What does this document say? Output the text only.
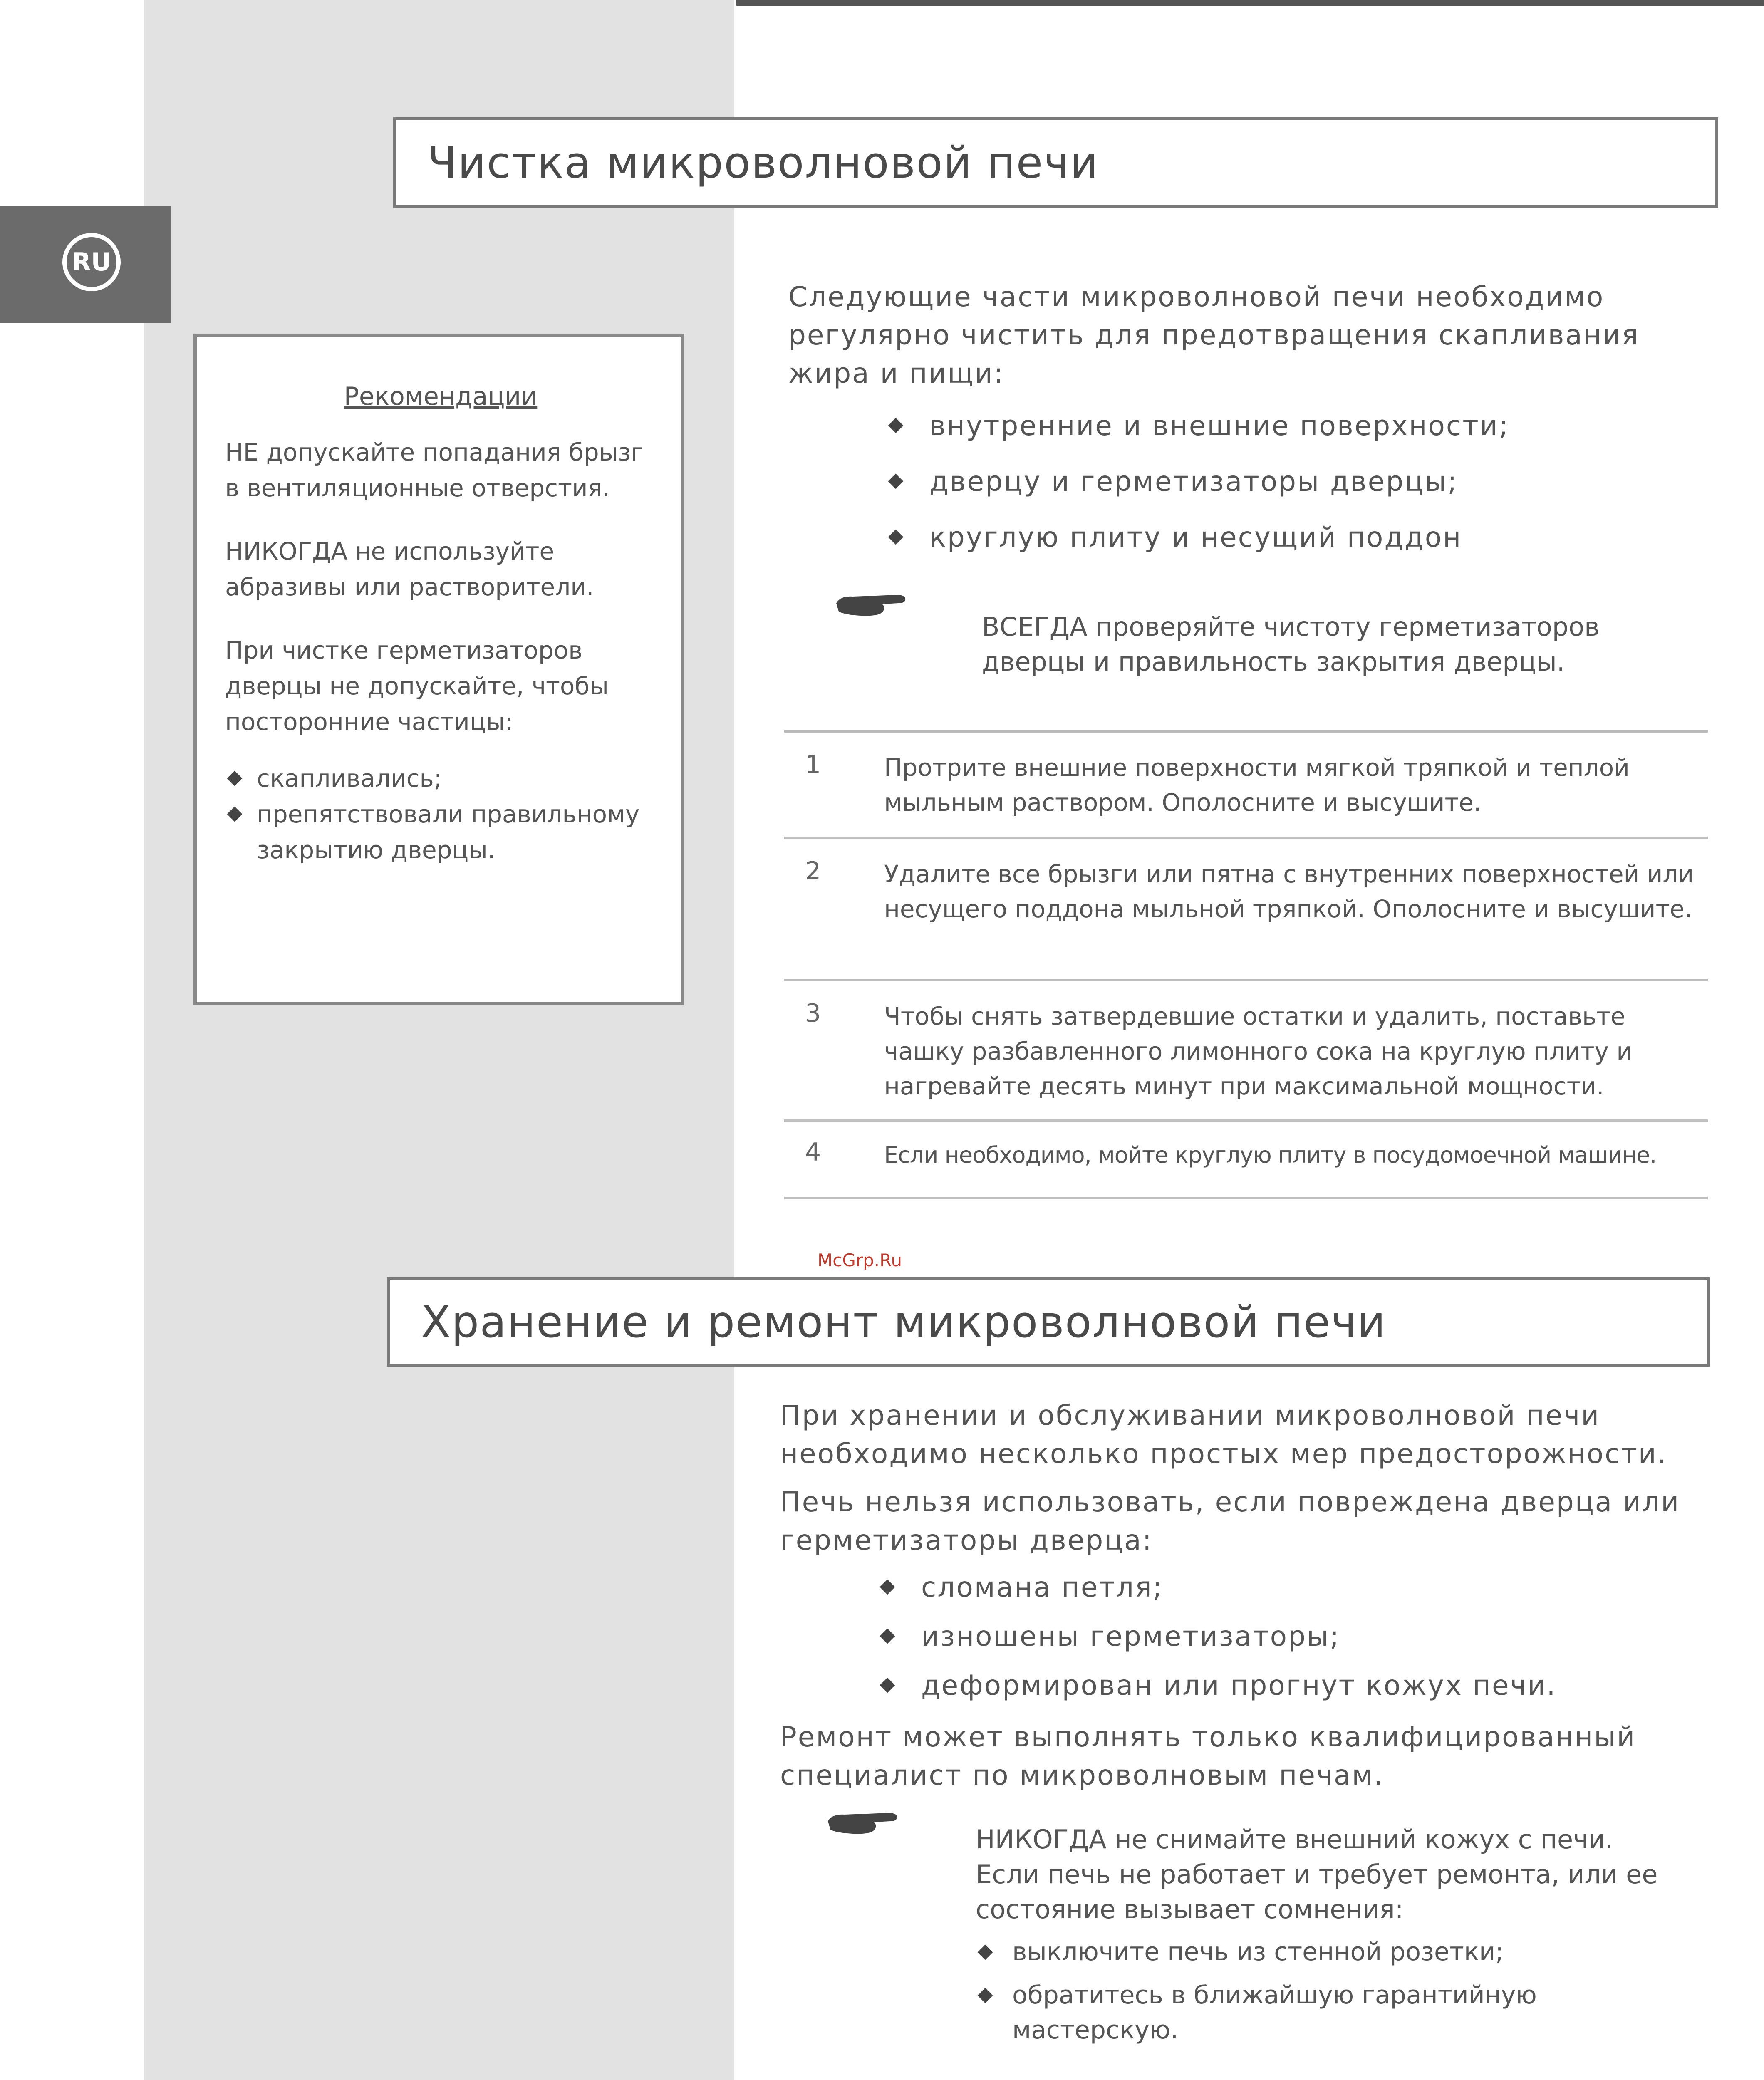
RU
Чистка микроволновой печи
Рекомендации

НЕ допускайте попадания брызг в вентиляционные отверстия.

НИКОГДА не используйте абразивы или растворители.

При чистке герметизаторов дверцы не допускайте, чтобы посторонние частицы:

скапливались;
препятствовали правильному закрытию дверцы.
Следующие части микроволновой печи необходимо регулярно чистить для предотвращения скапливания жира и пищи:
внутренние и внешние поверхности;
дверцу и герметизаторы дверцы;
круглую плиту и несущий поддон
ВСЕГДА проверяйте чистоту герметизаторов дверцы и правильность закрытия дверцы.
1	Протрите внешние поверхности мягкой тряпкой и теплой мыльным раствором. Ополосните и высушите.
2	Удалите все брызги или пятна с внутренних поверхностей или несущего поддона мыльной тряпкой. Ополосните и высушите.
3	Чтобы снять затвердевшие остатки и удалить, поставьте чашку разбавленного лимонного сока на круглую плиту и нагревайте десять минут при максимальной мощности.
4	Если необходимо, мойте круглую плиту в посудомоечной машине.
McGrp.Ru
Хранение и ремонт микроволновой печи
При хранении и обслуживании микроволновой печи необходимо несколько простых мер предосторожности.
Печь нельзя использовать, если повреждена дверца или герметизаторы дверца:
сломана петля;
изношены герметизаторы;
деформирован или прогнут кожух печи.
Ремонт может выполнять только квалифицированный специалист по микроволновым печам.
НИКОГДА не снимайте внешний кожух с печи. Если печь не работает и требует ремонта, или ее состояние вызывает сомнения:
выключите печь из стенной розетки;
обратитесь в ближайшую гарантийную мастерскую.
